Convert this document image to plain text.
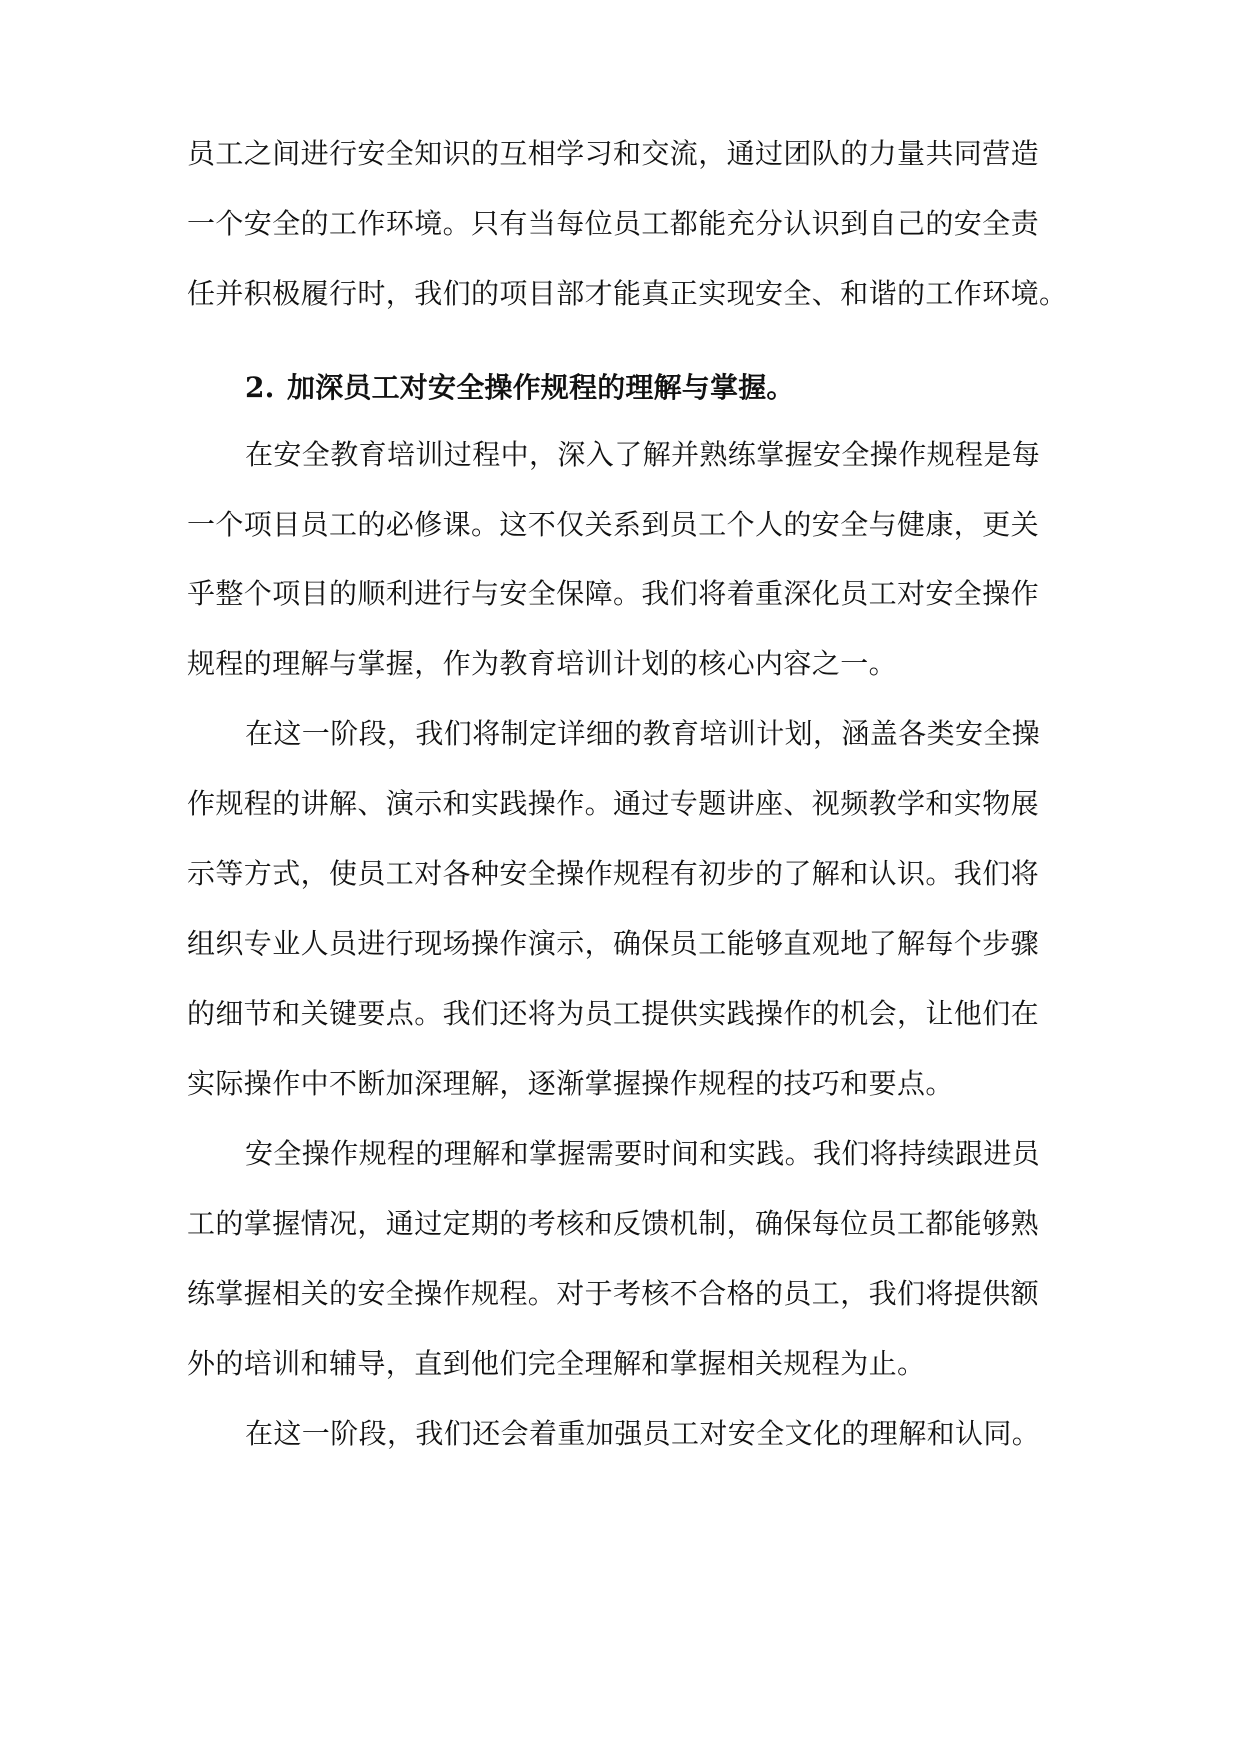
员工之间进行安全知识的互相学习和交流，通过团队的力量共同营造
一个安全的工作环境。只有当每位员工都能充分认识到自己的安全责
任并积极履行时，我们的项目部才能真正实现安全、和谐的工作环境。
2. 加深员工对安全操作规程的理解与掌握。
在安全教育培训过程中，深入了解并熟练掌握安全操作规程是每
一个项目员工的必修课。这不仅关系到员工个人的安全与健康，更关
乎整个项目的顺利进行与安全保障。我们将着重深化员工对安全操作
规程的理解与掌握，作为教育培训计划的核心内容之一。
在这一阶段，我们将制定详细的教育培训计划，涵盖各类安全操
作规程的讲解、演示和实践操作。通过专题讲座、视频教学和实物展
示等方式，使员工对各种安全操作规程有初步的了解和认识。我们将
组织专业人员进行现场操作演示，确保员工能够直观地了解每个步骤
的细节和关键要点。我们还将为员工提供实践操作的机会，让他们在
实际操作中不断加深理解，逐渐掌握操作规程的技巧和要点。
安全操作规程的理解和掌握需要时间和实践。我们将持续跟进员
工的掌握情况，通过定期的考核和反馈机制，确保每位员工都能够熟
练掌握相关的安全操作规程。对于考核不合格的员工，我们将提供额
外的培训和辅导，直到他们完全理解和掌握相关规程为止。
在这一阶段，我们还会着重加强员工对安全文化的理解和认同。
